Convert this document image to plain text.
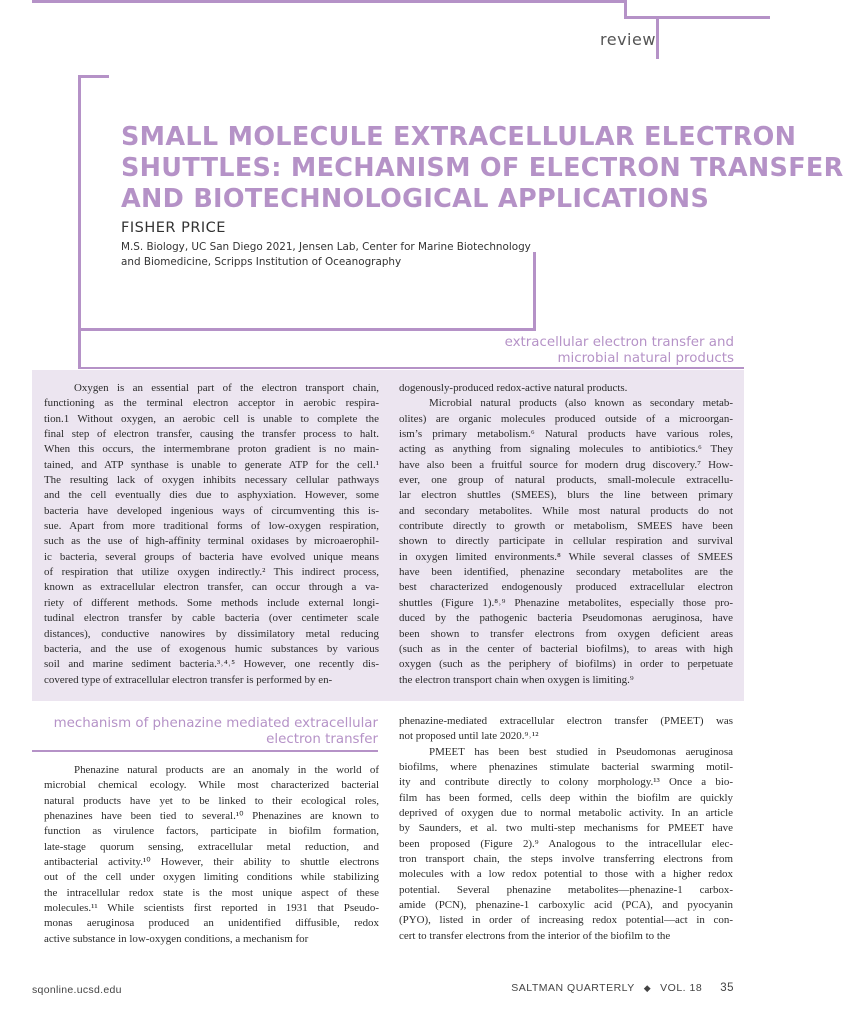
review
SMALL MOLECULE EXTRACELLULAR ELECTRON
SHUTTLES: MECHANISM OF ELECTRON TRANSFER
AND BIOTECHNOLOGICAL APPLICATIONS
FISHER PRICE
M.S. Biology, UC San Diego 2021, Jensen Lab, Center for Marine Biotechnology
and Biomedicine, Scripps Institution of Oceanography
extracellular electron transfer and
microbial natural products
Oxygen is an essential part of the electron transport chain,
functioning as the terminal electron acceptor in aerobic respira-
tion.1 Without oxygen, an aerobic cell is unable to complete the
final step of electron transfer, causing the transfer process to halt.
When this occurs, the intermembrane proton gradient is no main-
tained, and ATP synthase is unable to generate ATP for the cell.¹
The resulting lack of oxygen inhibits necessary cellular pathways
and the cell eventually dies due to asphyxiation. However, some
bacteria have developed ingenious ways of circumventing this is-
sue. Apart from more traditional forms of low-oxygen respiration,
such as the use of high-affinity terminal oxidases by microaerophil-
ic bacteria, several groups of bacteria have evolved unique means
of respiration that utilize oxygen indirectly.² This indirect process,
known as extracellular electron transfer, can occur through a va-
riety of different methods. Some methods include external longi-
tudinal electron transfer by cable bacteria (over centimeter scale
distances), conductive nanowires by dissimilatory metal reducing
bacteria, and the use of exogenous humic substances by various
soil and marine sediment bacteria.³˒⁴˒⁵ However, one recently dis-
covered type of extracellular electron transfer is performed by en-
dogenously-produced redox-active natural products.
Microbial natural products (also known as secondary metab-
olites) are organic molecules produced outside of a microorgan-
ism’s primary metabolism.⁶ Natural products have various roles,
acting as anything from signaling molecules to antibiotics.⁶ They
have also been a fruitful source for modern drug discovery.⁷ How-
ever, one group of natural products, small-molecule extracellu-
lar electron shuttles (SMEES), blurs the line between primary
and secondary metabolites. While most natural products do not
contribute directly to growth or metabolism, SMEES have been
shown to directly participate in cellular respiration and survival
in oxygen limited environments.⁸ While several classes of SMEES
have been identified, phenazine secondary metabolites are the
best characterized endogenously produced extracellular electron
shuttles (Figure 1).⁸˒⁹ Phenazine metabolites, especially those pro-
duced by the pathogenic bacteria Pseudomonas aeruginosa, have
been shown to transfer electrons from oxygen deficient areas
(such as in the center of bacterial biofilms), to areas with high
oxygen (such as the periphery of biofilms) in order to perpetuate
the electron transport chain when oxygen is limiting.⁹
mechanism of phenazine mediated extracellular
electron transfer
Phenazine natural products are an anomaly in the world of
microbial chemical ecology. While most characterized bacterial
natural products have yet to be linked to their ecological roles,
phenazines have been tied to several.¹⁰ Phenazines are known to
function as virulence factors, participate in biofilm formation,
late-stage quorum sensing, extracellular metal reduction, and
antibacterial activity.¹⁰ However, their ability to shuttle electrons
out of the cell under oxygen limiting conditions while stabilizing
the intracellular redox state is the most unique aspect of these
molecules.¹¹ While scientists first reported in 1931 that Pseudo-
monas aeruginosa produced an unidentified diffusible, redox
active substance in low-oxygen conditions, a mechanism for
phenazine-mediated extracellular electron transfer (PMEET) was
not proposed until late 2020.⁹˒¹²
PMEET has been best studied in Pseudomonas aeruginosa
biofilms, where phenazines stimulate bacterial swarming motil-
ity and contribute directly to colony morphology.¹³ Once a bio-
film has been formed, cells deep within the biofilm are quickly
deprived of oxygen due to normal metabolic activity. In an article
by Saunders, et al. two multi-step mechanisms for PMEET have
been proposed (Figure 2).⁹ Analogous to the intracellular elec-
tron transport chain, the steps involve transferring electrons from
molecules with a low redox potential to those with a higher redox
potential. Several phenazine metabolites—phenazine-1 carbox-
amide (PCN), phenazine-1 carboxylic acid (PCA), and pyocyanin
(PYO), listed in order of increasing redox potential—act in con-
cert to transfer electrons from the interior of the biofilm to the
sqonline.ucsd.edu	SALTMAN QUARTERLY ◆ VOL. 18 35
